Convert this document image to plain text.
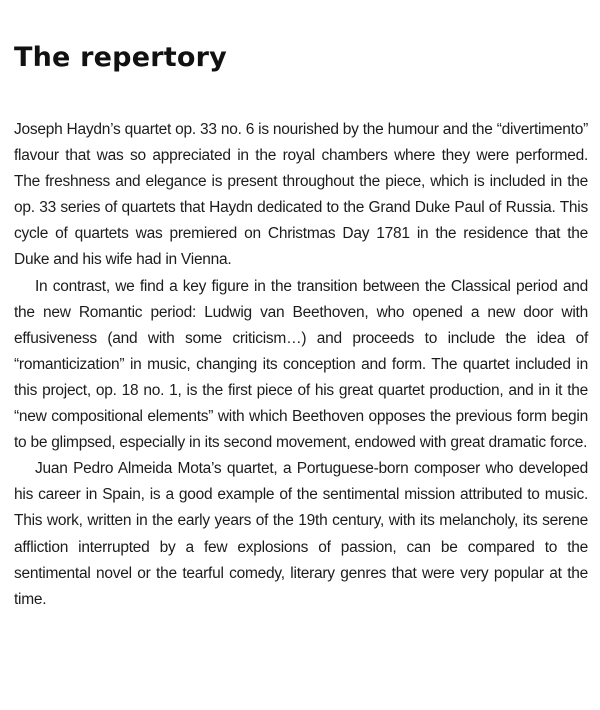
The repertory

Joseph Haydn’s quartet op. 33 no. 6 is nourished by the humour and the “divertimento” flavour that was so appreciated in the royal chambers where they were performed. The freshness and elegance is present throughout the piece, which is included in the op. 33 series of quartets that Haydn dedicated to the Grand Duke Paul of Russia. This cycle of quartets was premiered on Christmas Day 1781 in the residence that the Duke and his wife had in Vienna.

In contrast, we find a key figure in the transition between the Classical period and the new Romantic period: Ludwig van Beethoven, who opened a new door with effusiveness (and with some criticism…) and proceeds to include the idea of “romanticization” in music, changing its conception and form. The quartet included in this project, op. 18 no. 1, is the first piece of his great quartet production, and in it the “new compositional elements” with which Beethoven opposes the previous form begin to be glimpsed, especially in its second movement, endowed with great dramatic force.

Juan Pedro Almeida Mota’s quartet, a Portuguese-born composer who developed his career in Spain, is a good example of the sentimental mission attributed to music. This work, written in the early years of the 19th century, with its melancholy, its serene affliction interrupted by a few explosions of passion, can be compared to the sentimental novel or the tearful comedy, literary genres that were very popular at the time.
